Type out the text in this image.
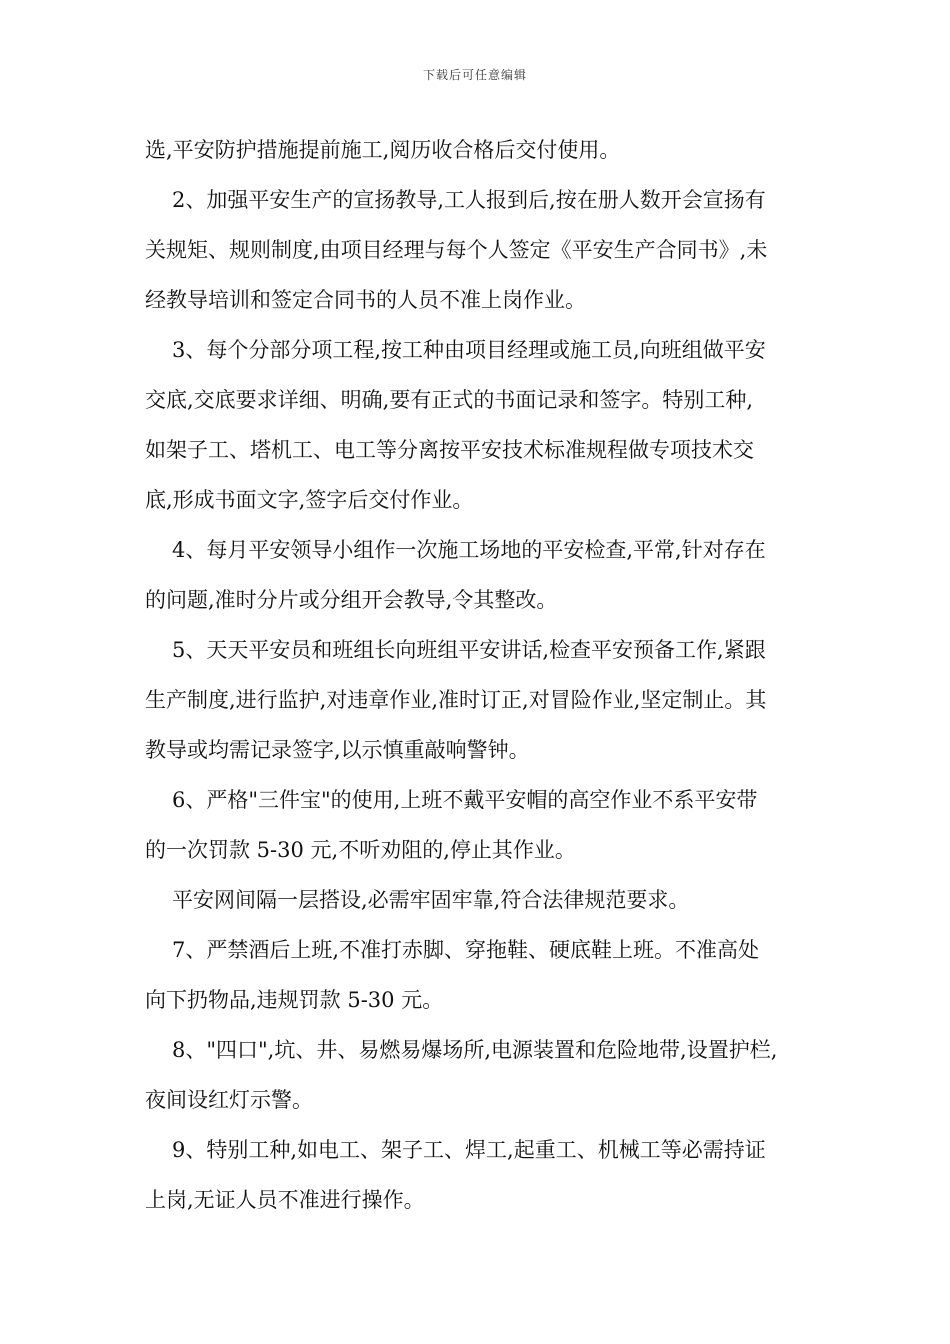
下载后可任意编辑
选,平安防护措施提前施工,阅历收合格后交付使用。
2、加强平安生产的宣扬教导,工人报到后,按在册人数开会宣扬有
关规矩、规则制度,由项目经理与每个人签定《平安生产合同书》,未
经教导培训和签定合同书的人员不准上岗作业。
3、每个分部分项工程,按工种由项目经理或施工员,向班组做平安
交底,交底要求详细、明确,要有正式的书面记录和签字。特别工种,
如架子工、塔机工、电工等分离按平安技术标准规程做专项技术交
底,形成书面文字,签字后交付作业。
4、每月平安领导小组作一次施工场地的平安检查,平常,针对存在
的问题,准时分片或分组开会教导,令其整改。
5、天天平安员和班组长向班组平安讲话,检查平安预备工作,紧跟
生产制度,进行监护,对违章作业,准时订正,对冒险作业,坚定制止。其
教导或均需记录签字,以示慎重敲响警钟。
6、严格"三件宝"的使用,上班不戴平安帽的高空作业不系平安带
的一次罚款 5-30 元,不听劝阻的,停止其作业。
平安网间隔一层搭设,必需牢固牢靠,符合法律规范要求。
7、严禁酒后上班,不准打赤脚、穿拖鞋、硬底鞋上班。不准高处
向下扔物品,违规罚款 5-30 元。
8、"四口",坑、井、易燃易爆场所,电源装置和危险地带,设置护栏,
夜间设红灯示警。
9、特别工种,如电工、架子工、焊工,起重工、机械工等必需持证
上岗,无证人员不准进行操作。
